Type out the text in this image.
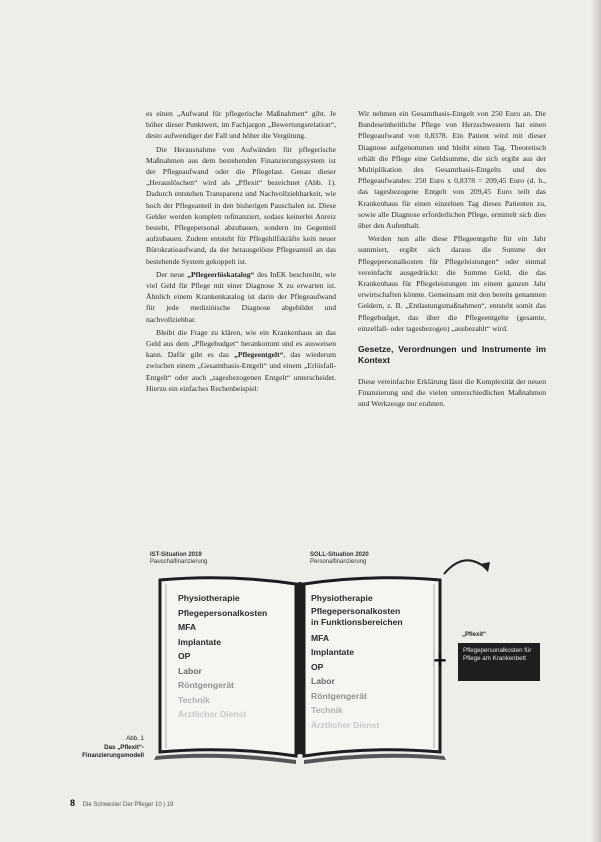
es einen „Aufwand für pflegerische Maßnahmen“ gibt. Je höher dieser Punktwert, im Fachjargon „Bewertungsrelation“, desto aufwendiger der Fall und höher die Vergütung.

Die Herausnahme von Aufwänden für pflegerische Maßnahmen aus dem bestehenden Finanzierungssystem ist der Pflegeaufwand oder die Pflegelast. Genau dieser „Herauslöschen“ wird als „Pflexit“ bezeichnet (Abb. 1). Dadurch entstehen Transparenz und Nachvollziehbarkeit, wie hoch der Pflegeanteil in den bisherigen Pauschalen ist. Diese Gelder werden komplett refinanziert, sodass keinerlei Anreiz besteht, Pflegepersonal abzubauen, sondern im Gegenteil aufzubauen. Zudem entsteht für Pflegehilfskräfte kein neuer Bürokratieaufwand, da der herausgelöste Pflegeanteil an das bestehende System gekoppelt ist.

Der neue „Pflegeerlöskatalog“ des InEK beschreibt, wie viel Geld für Pflege mit einer Diagnose X zu erwarten ist. Ähnlich einem Krankenkatalog ist darin der Pflegeaufwand für jede medizinische Diagnose abgebildet und nachvollziehbar.

Bleibt die Frage zu klären, wie ein Krankenhaus an das Geld aus dem „Pflegebudget“ herankommt und es ausweisen kann. Dafür gibt es das „Pflegeentgelt“, das wiederum zwischen einem „Gesamtbasis-Entgelt“ und einem „Erlösfall-Entgelt“ oder auch „tagesbezogenen Entgelt“ unterscheidet. Hierzu ein einfaches Rechenbeispiel:

Wir nehmen ein Gesamtbasis-Entgelt von 250 Euro an. Die Bundeseinheitliche Pflege von Herzschwestern hat einen Pflegeaufwand von 0,8378. Ein Patient wird mit dieser Diagnose aufgenommen und bleibt einen Tag. Theoretisch erhält die Pflege eine Geldsumme, die sich ergibt aus der Multiplikation des Gesamtbasis-Entgelts und des Pflegeaufwandes: 250 Euro x 0,8378 = 209,45 Euro (d. h., das tagesbezogene Entgelt von 209,45 Euro teilt das Krankenhaus für einen einzelnen Tag dieses Patienten zu, sowie alle Diagnose erforderlichen Pflege, ermittelt sich dies über den Aufenthalt.

Werden nun alle diese Pflegeentgelte für ein Jahr summiert, ergibt sich daraus die Summe der Pflegepersonalkosten für Pflegeleistungen“ oder einmal vereinfacht ausgedrückt: die Summe Geld, die das Krankenhaus für Pflegeleistungen im einem ganzen Jahr erwirtschaften könnte. Gemeinsam mit den bereits genannten Geldern, z. B. „Entlastungsmaßnahmen“, entsteht somit das Pflegebudget, das über die Pflegeentgelte (gesamte, einzelfall- oder tagesbezogen) „ausbezahlt“ wird.

Gesetze, Verordnungen und Instrumente im Kontext

Diese vereinfachte Erklärung lässt die Komplexität der neuen Finanzierung und die vielen unterschiedlichen Maßnahmen und Werkzeuge nur erahnen.

IST-Situation 2019
Pauschalfinanzierung
SOLL-Situation 2020
Personalfinanzierung
Physiotherapie
Pflegepersonalkosten
MFA
Implantate
OP
Labor
Röntgengerät
Technik
Ärztlicher Dienst
Physiotherapie
Pflegepersonalkosten
in Funktionsbereichen
MFA
Implantate
OP
Labor
Röntgengerät
Technik
Ärztlicher Dienst
+
„Pflexit“
Pflegepersonalkosten für Pflege am Krankenbett
Abb. 1
Das „Pflexit“-
Finanzierungsmodell
8 Die Schwester Der Pfleger 10 | 19
